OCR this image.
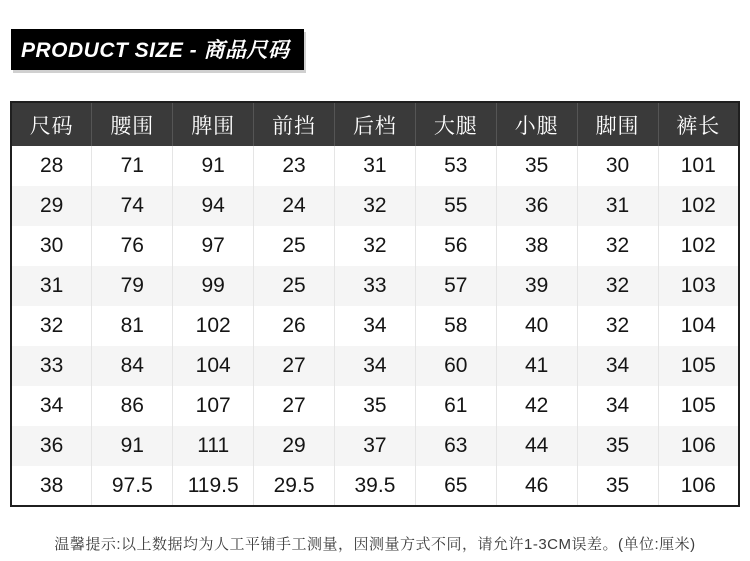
PRODUCT SIZE - 商品尺码
尺码	腰围	脾围	前挡	后档	大腿	小腿	脚围	裤长
28	71	91	23	31	53	35	30	101
29	74	94	24	32	55	36	31	102
30	76	97	25	32	56	38	32	102
31	79	99	25	33	57	39	32	103
32	81	102	26	34	58	40	32	104
33	84	104	27	34	60	41	34	105
34	86	107	27	35	61	42	34	105
36	91	111	29	37	63	44	35	106
38	97.5	119.5	29.5	39.5	65	46	35	106
温馨提示:以上数据均为人工平铺手工测量，因测量方式不同，请允许1-3CM误差。(单位:厘米)
